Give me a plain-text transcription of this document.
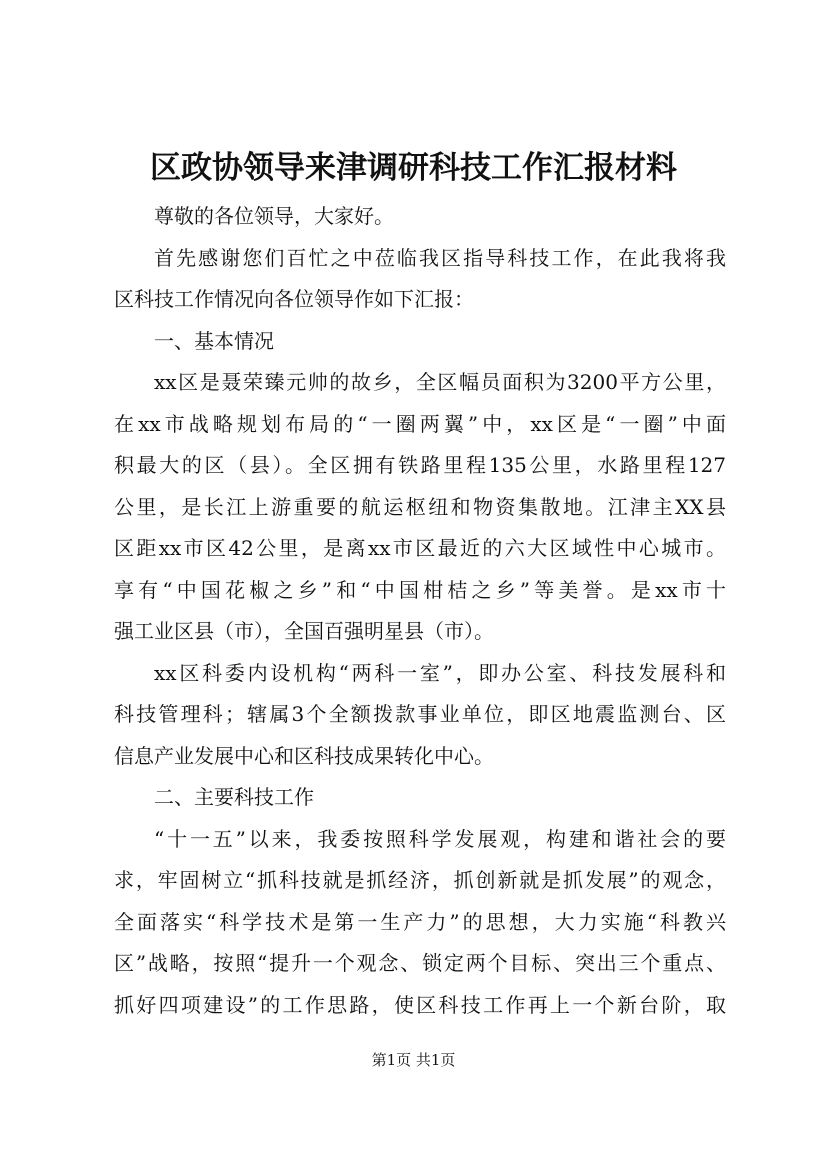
区政协领导来津调研科技工作汇报材料
尊敬的各位领导，大家好。
首先感谢您们百忙之中莅临我区指导科技工作，在此我将我
区科技工作情况向各位领导作如下汇报：
一、基本情况
xx区是聂荣臻元帅的故乡，全区幅员面积为3200平方公里，
在xx市战略规划布局的“一圈两翼”中，xx区是“一圈”中面
积最大的区（县）。全区拥有铁路里程135公里，水路里程127
公里，是长江上游重要的航运枢纽和物资集散地。江津主XX县
区距xx市区42公里，是离xx市区最近的六大区域性中心城市。
享有“中国花椒之乡”和“中国柑桔之乡”等美誉。是xx市十
强工业区县（市），全国百强明星县（市）。
xx区科委内设机构“两科一室”，即办公室、科技发展科和
科技管理科；辖属3个全额拨款事业单位，即区地震监测台、区
信息产业发展中心和区科技成果转化中心。
二、主要科技工作
“十一五”以来，我委按照科学发展观，构建和谐社会的要
求，牢固树立“抓科技就是抓经济，抓创新就是抓发展”的观念，
全面落实“科学技术是第一生产力”的思想，大力实施“科教兴
区”战略，按照“提升一个观念、锁定两个目标、突出三个重点、
抓好四项建设”的工作思路，使区科技工作再上一个新台阶，取
第1页 共1页
